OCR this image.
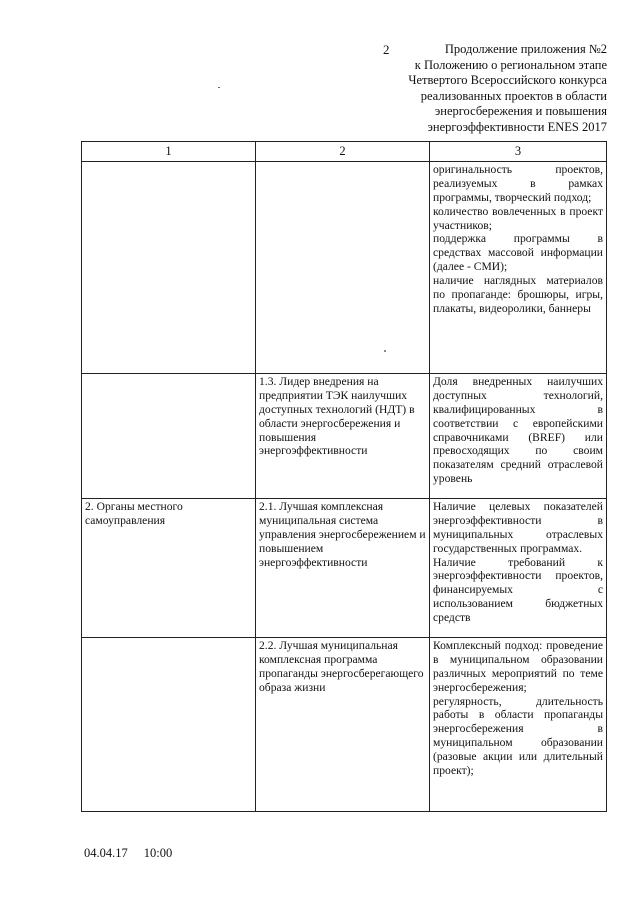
2	Продолжение приложения №2
к Положению о региональном этапе
Четвертого Всероссийского конкурса
реализованных проектов в области
энергосбережения и повышения
энергоэффективности ENES 2017
1	2	3

		оригинальность проектов, реализуемых в рамках программы, творческий подход;
количество вовлеченных в проект участников;
поддержка программы в средствах массовой информации (далее - СМИ);
наличие наглядных материалов по пропаганде: брошюры, игры, плакаты, видеоролики, баннеры

	1.3. Лидер внедрения на предприятии ТЭК наилучших доступных технологий (НДТ) в области энергосбережения и повышения энергоэффективности	Доля внедренных наилучших доступных технологий, квалифицированных в соответствии с европейскими справочниками (BREF) или превосходящих по своим показателям средний отраслевой уровень

2. Органы местного самоуправления	2.1. Лучшая комплексная муниципальная система управления энергосбережением и повышением энергоэффективности	Наличие целевых показателей энергоэффективности в муниципальных отраслевых государственных программах.
Наличие требований к энергоэффективности проектов, финансируемых с использованием бюджетных средств

	2.2. Лучшая муниципальная комплексная программа пропаганды энергосберегающего образа жизни	Комплексный подход: проведение в муниципальном образовании различных мероприятий по теме энергосбережения;
регулярность, длительность работы в области пропаганды энергосбережения в муниципальном образовании (разовые акции или длительный проект);
04.04.17 10:00
